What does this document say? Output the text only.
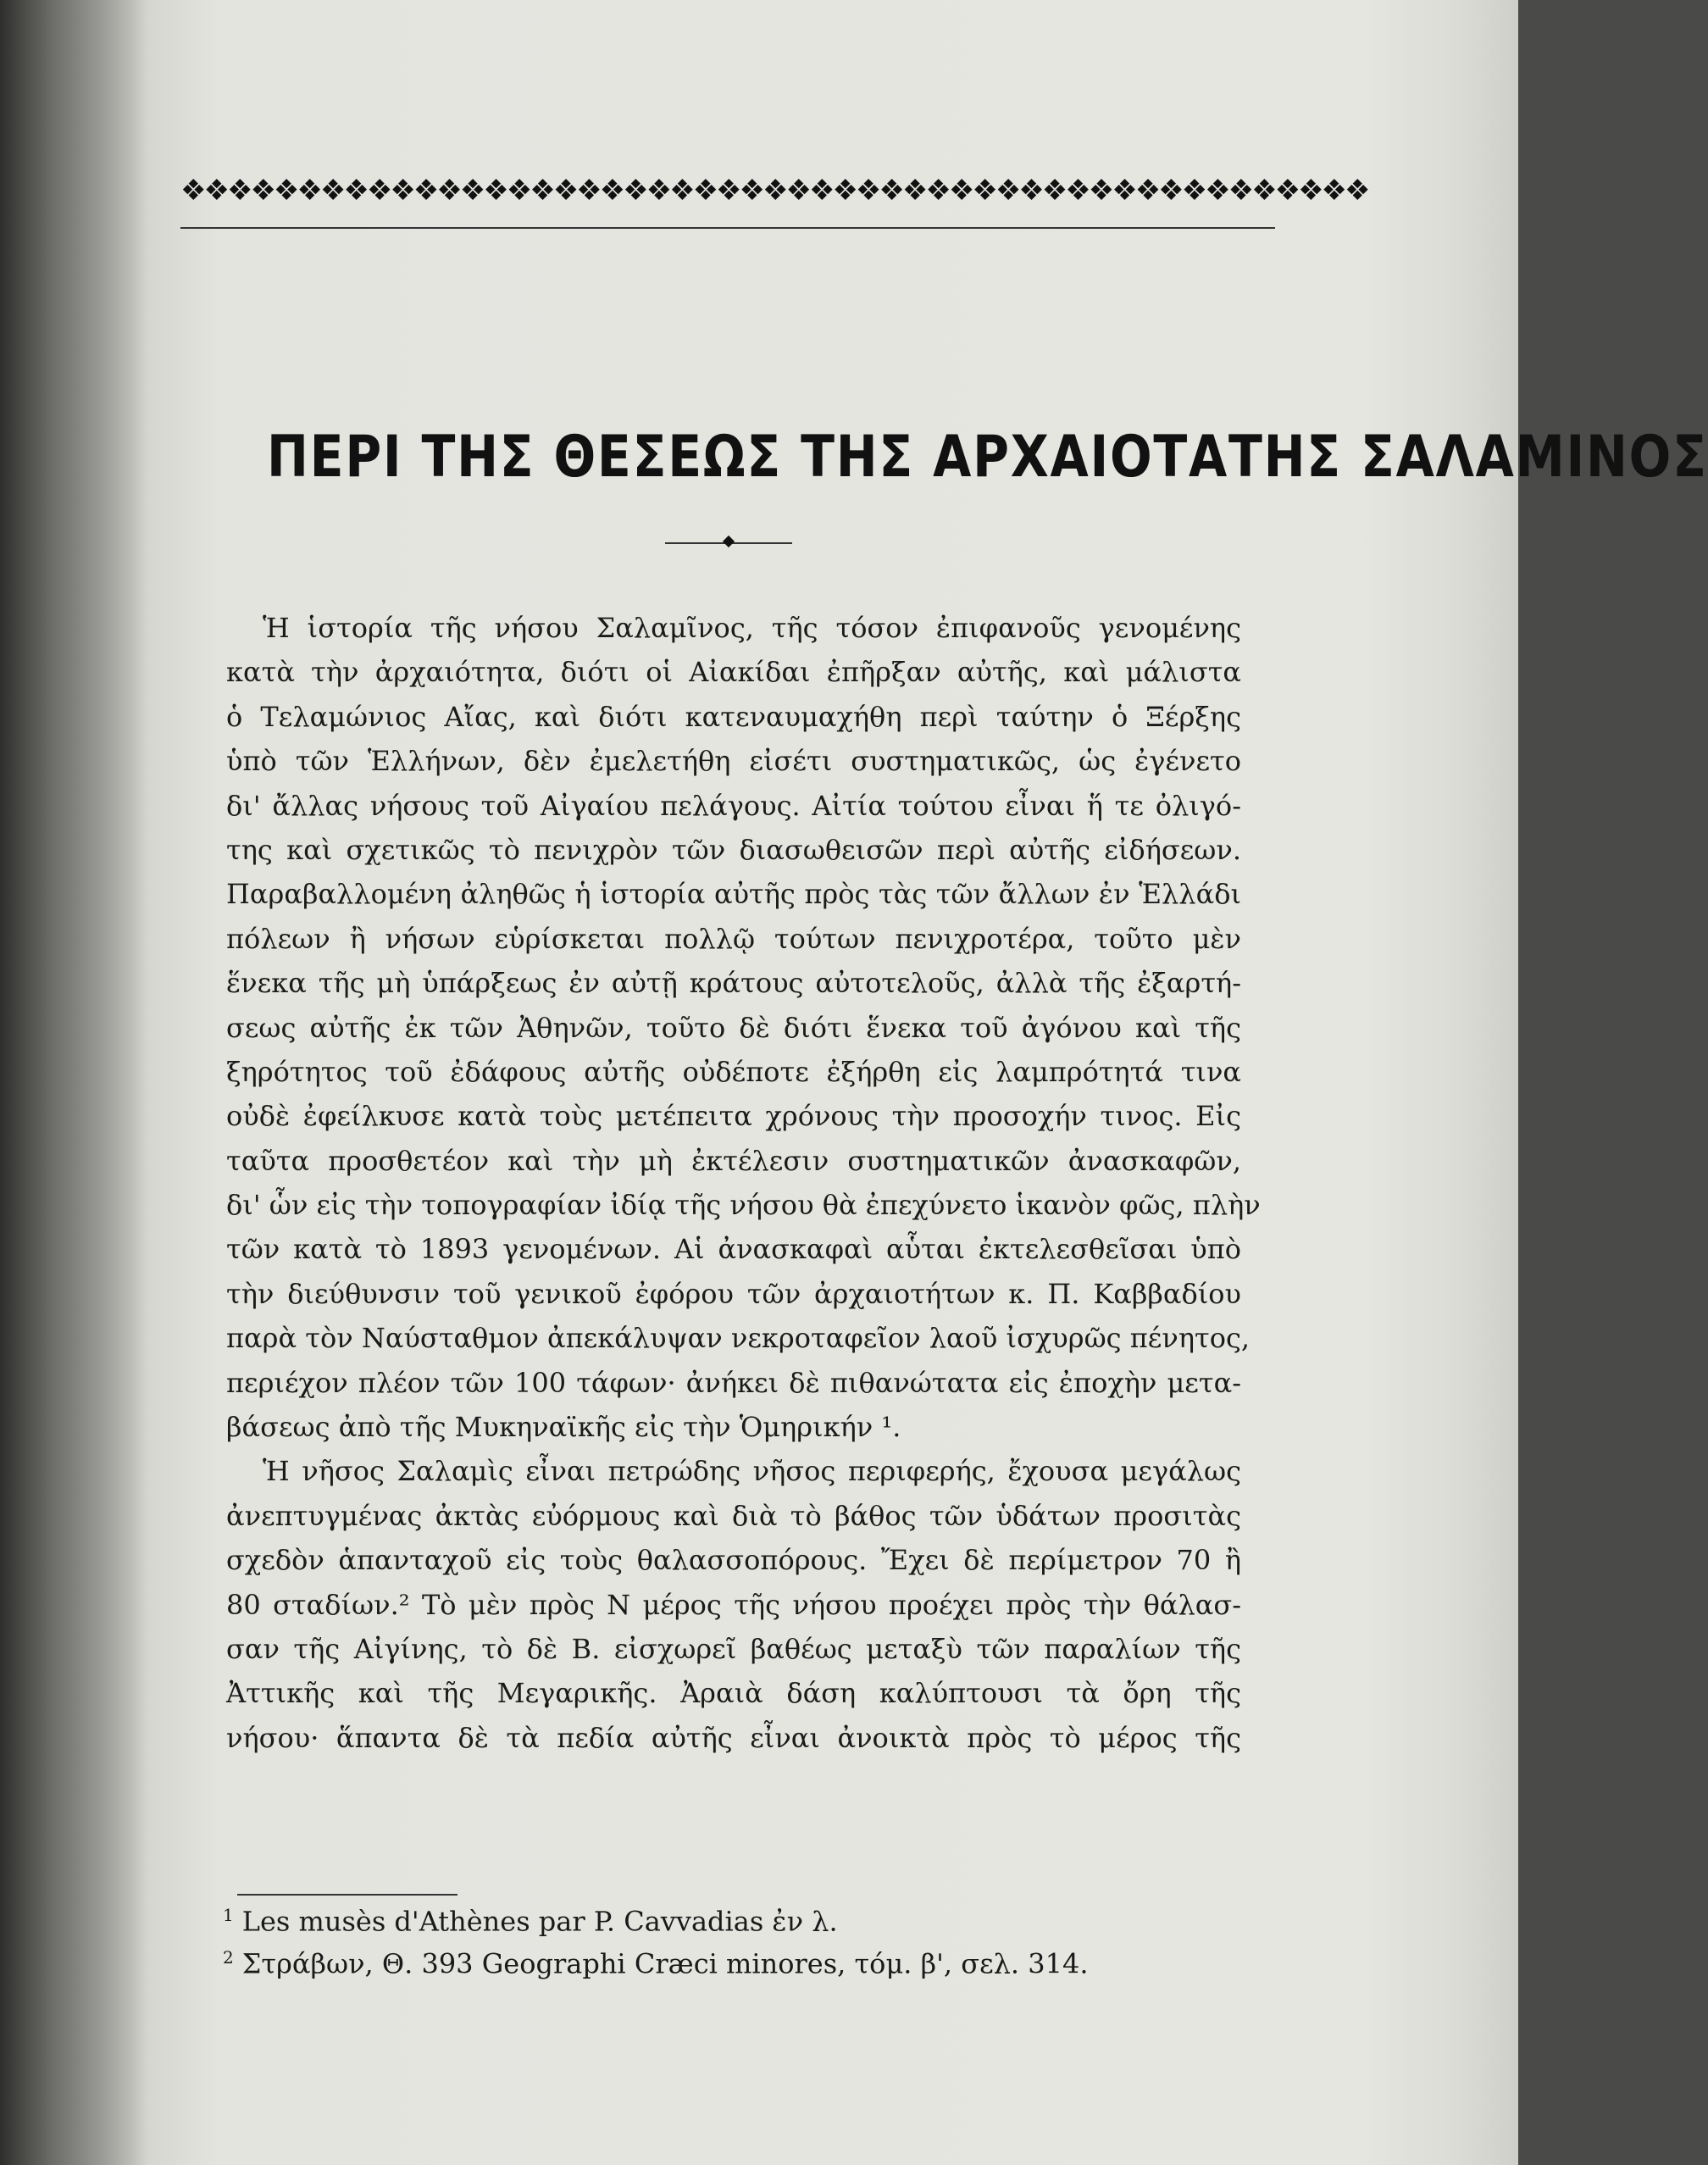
❖❖❖❖❖❖❖❖❖❖❖❖❖❖❖❖❖❖❖❖❖❖❖❖❖❖❖❖❖❖❖❖❖❖❖❖❖❖❖❖❖❖❖❖❖❖❖❖❖❖❖
ΠΕΡΙ ΤΗΣ ΘΕΣΕΩΣ ΤΗΣ ΑΡΧΑΙΟΤΑΤΗΣ ΣΑΛΑΜΙΝΟΣ
Ἡ ἱστορία τῆς νήσου Σαλαμῖνος, τῆς τόσον ἐπιφανοῦς γενομένης
κατὰ τὴν ἀρχαιότητα, διότι οἱ Αἰακίδαι ἐπῆρξαν αὐτῆς, καὶ μάλιστα
ὁ Τελαμώνιος Αἴας, καὶ διότι κατεναυμαχήθη περὶ ταύτην ὁ Ξέρξης
ὑπὸ τῶν Ἑλλήνων, δὲν ἐμελετήθη εἰσέτι συστηματικῶς, ὡς ἐγένετο
δι' ἄλλας νήσους τοῦ Αἰγαίου πελάγους. Αἰτία τούτου εἶναι ἥ τε ὀλιγό-
της καὶ σχετικῶς τὸ πενιχρὸν τῶν διασωθεισῶν περὶ αὐτῆς εἰδήσεων.
Παραβαλλομένη ἀληθῶς ἡ ἱστορία αὐτῆς πρὸς τὰς τῶν ἄλλων ἐν Ἑλλάδι
πόλεων ἢ νήσων εὑρίσκεται πολλῷ τούτων πενιχροτέρα, τοῦτο μὲν
ἕνεκα τῆς μὴ ὑπάρξεως ἐν αὐτῇ κράτους αὐτοτελοῦς, ἀλλὰ τῆς ἐξαρτή-
σεως αὐτῆς ἐκ τῶν Ἀθηνῶν, τοῦτο δὲ διότι ἕνεκα τοῦ ἀγόνου καὶ τῆς
ξηρότητος τοῦ ἐδάφους αὐτῆς οὐδέποτε ἐξήρθη εἰς λαμπρότητά τινα
οὐδὲ ἐφείλκυσε κατὰ τοὺς μετέπειτα χρόνους τὴν προσοχήν τινος. Εἰς
ταῦτα προσθετέον καὶ τὴν μὴ ἐκτέλεσιν συστηματικῶν ἀνασκαφῶν,
δι' ὧν εἰς τὴν τοπογραφίαν ἰδίᾳ τῆς νήσου θὰ ἐπεχύνετο ἱκανὸν φῶς, πλὴν
τῶν κατὰ τὸ 1893 γενομένων. Αἱ ἀνασκαφαὶ αὗται ἐκτελεσθεῖσαι ὑπὸ
τὴν διεύθυνσιν τοῦ γενικοῦ ἐφόρου τῶν ἀρχαιοτήτων κ. Π. Καββαδίου
παρὰ τὸν Ναύσταθμον ἀπεκάλυψαν νεκροταφεῖον λαοῦ ἰσχυρῶς πένητος,
περιέχον πλέον τῶν 100 τάφων· ἀνήκει δὲ πιθανώτατα εἰς ἐποχὴν μετα-
βάσεως ἀπὸ τῆς Μυκηναϊκῆς εἰς τὴν Ὁμηρικήν ¹.
Ἡ νῆσος Σαλαμὶς εἶναι πετρώδης νῆσος περιφερής, ἔχουσα μεγάλως
ἀνεπτυγμένας ἀκτὰς εὐόρμους καὶ διὰ τὸ βάθος τῶν ὑδάτων προσιτὰς
σχεδὸν ἁπανταχοῦ εἰς τοὺς θαλασσοπόρους. Ἔχει δὲ περίμετρον 70 ἢ
80 σταδίων.² Τὸ μὲν πρὸς Ν μέρος τῆς νήσου προέχει πρὸς τὴν θάλασ-
σαν τῆς Αἰγίνης, τὸ δὲ Β. εἰσχωρεῖ βαθέως μεταξὺ τῶν παραλίων τῆς
Ἀττικῆς καὶ τῆς Μεγαρικῆς. Ἀραιὰ δάση καλύπτουσι τὰ ὄρη τῆς
νήσου· ἅπαντα δὲ τὰ πεδία αὐτῆς εἶναι ἀνοικτὰ πρὸς τὸ μέρος τῆς
$^1$ Les musès d'Athènes par P. Cavvadias ἐν λ.
$^2$ Στράβων, Θ. 393 Geographi Cræci minores, τόμ. β', σελ. 314.
